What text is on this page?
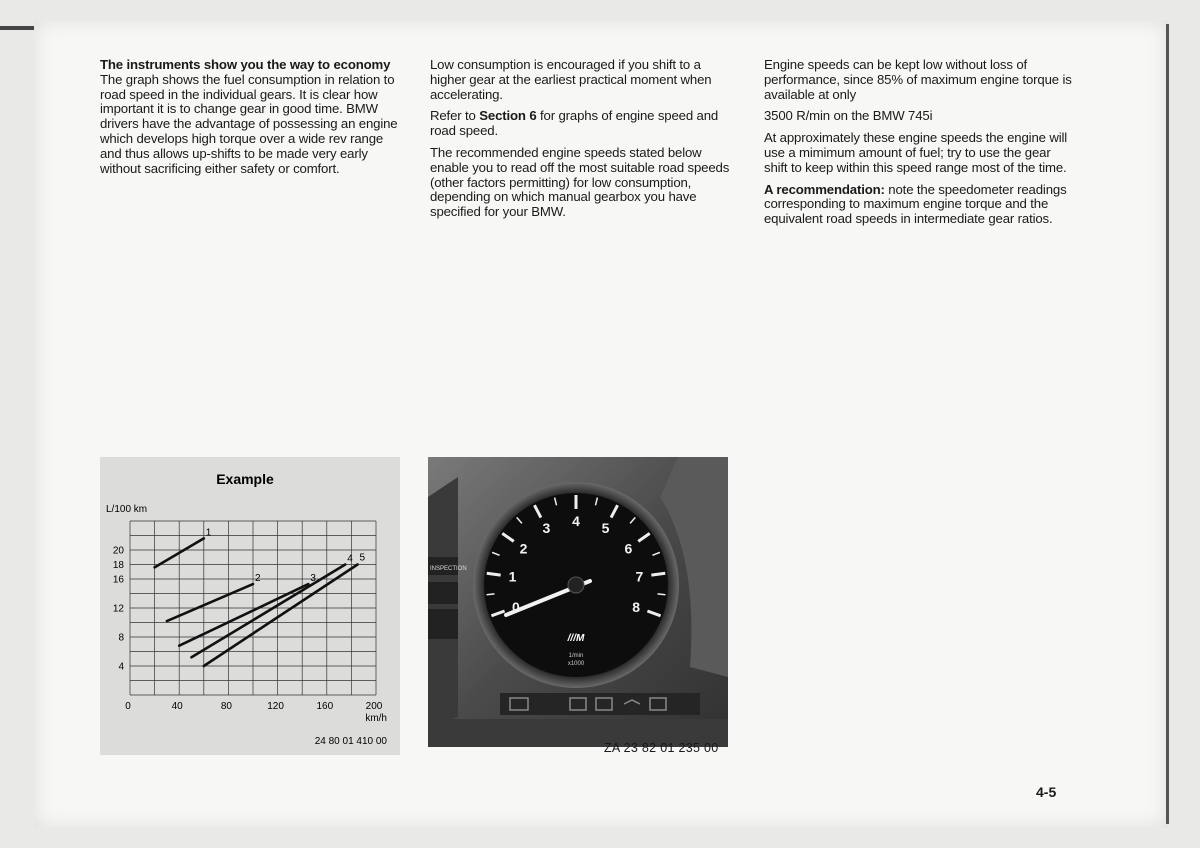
The instruments show you the way to economy

The graph shows the fuel consumption in relation to road speed in the individual gears. It is clear how important it is to change gear in good time. BMW drivers have the advantage of possessing an engine which develops high torque over a wide rev range and thus allows up-shifts to be made very early without sacrificing either safety or comfort.

Low consumption is encouraged if you shift to a higher gear at the earliest practical moment when accelerating.

Refer to Section 6 for graphs of engine speed and road speed.

The recommended engine speeds stated below enable you to read off the most suitable road speeds (other factors permitting) for low consumption, depending on which manual gearbox you have specified for your BMW.

Engine speeds can be kept low without loss of performance, since 85% of maximum engine torque is available at only

3500 R/min on the BMW 745i

At approximately these engine speeds the engine will use a mimimum amount of fuel; try to use the gear shift to keep within this speed range most of the time.

A recommendation: note the speedometer readings corresponding to maximum engine torque and the equivalent road speeds in intermediate gear ratios.

Example
L/100 km
20
18
16
12
8
4
0	40	80	120	160	200
1
2	3
4 5
km/h
24 80 01 410 00
INSPECTION
0
1
2
3 4 5
6
7
8
///M
1/min
x1000
ZA 23 82 01 235 00
4-5
